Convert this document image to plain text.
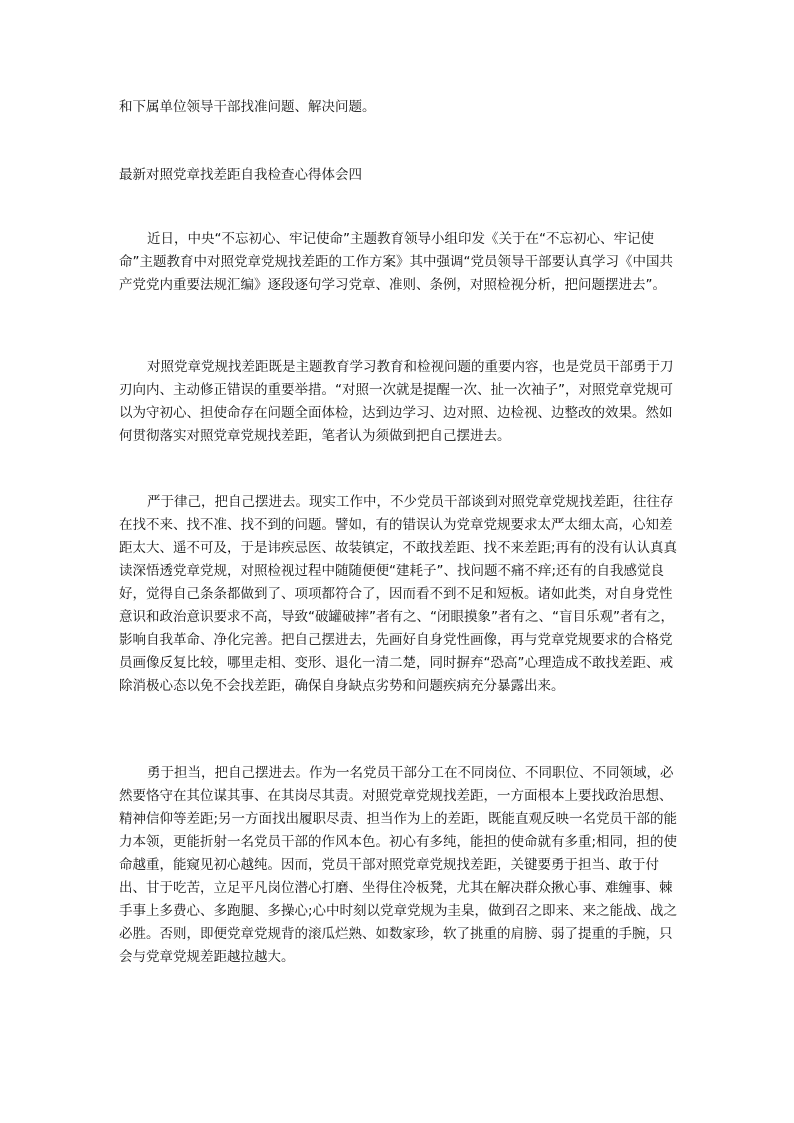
和下属单位领导干部找准问题、解决问题。
最新对照党章找差距自我检查心得体会四
近日，中央“不忘初心、牢记使命”主题教育领导小组印发《关于在“不忘初心、牢记使命”主题教育中对照党章党规找差距的工作方案》其中强调“党员领导干部要认真学习《中国共产党党内重要法规汇编》逐段逐句学习党章、准则、条例，对照检视分析，把问题摆进去”。
对照党章党规找差距既是主题教育学习教育和检视问题的重要内容，也是党员干部勇于刀刃向内、主动修正错误的重要举措。“对照一次就是提醒一次、扯一次袖子”，对照党章党规可以为守初心、担使命存在问题全面体检，达到边学习、边对照、边检视、边整改的效果。然如何贯彻落实对照党章党规找差距，笔者认为须做到把自己摆进去。
严于律己，把自己摆进去。现实工作中，不少党员干部谈到对照党章党规找差距，往往存在找不来、找不准、找不到的问题。譬如，有的错误认为党章党规要求太严太细太高，心知差距太大、遥不可及，于是讳疾忌医、故装镇定，不敢找差距、找不来差距;再有的没有认认真真读深悟透党章党规，对照检视过程中随随便便“建耗子”、找问题不痛不痒;还有的自我感觉良好，觉得自己条条都做到了、项项都符合了，因而看不到不足和短板。诸如此类，对自身党性意识和政治意识要求不高，导致“破罐破摔”者有之、“闭眼摸象”者有之、“盲目乐观”者有之，影响自我革命、净化完善。把自己摆进去，先画好自身党性画像，再与党章党规要求的合格党员画像反复比较，哪里走相、变形、退化一清二楚，同时摒弃“恐高”心理造成不敢找差距、戒除消极心态以免不会找差距，确保自身缺点劣势和问题疾病充分暴露出来。
勇于担当，把自己摆进去。作为一名党员干部分工在不同岗位、不同职位、不同领域，必然要恪守在其位谋其事、在其岗尽其责。对照党章党规找差距，一方面根本上要找政治思想、精神信仰等差距;另一方面找出履职尽责、担当作为上的差距，既能直观反映一名党员干部的能力本领，更能折射一名党员干部的作风本色。初心有多纯，能担的使命就有多重;相同，担的使命越重，能窥见初心越纯。因而，党员干部对照党章党规找差距，关键要勇于担当、敢于付出、甘于吃苦，立足平凡岗位潜心打磨、坐得住冷板凳，尤其在解决群众揪心事、难缠事、棘手事上多费心、多跑腿、多操心;心中时刻以党章党规为圭臬，做到召之即来、来之能战、战之必胜。否则，即便党章党规背的滚瓜烂熟、如数家珍，软了挑重的肩膀、弱了提重的手腕，只会与党章党规差距越拉越大。
